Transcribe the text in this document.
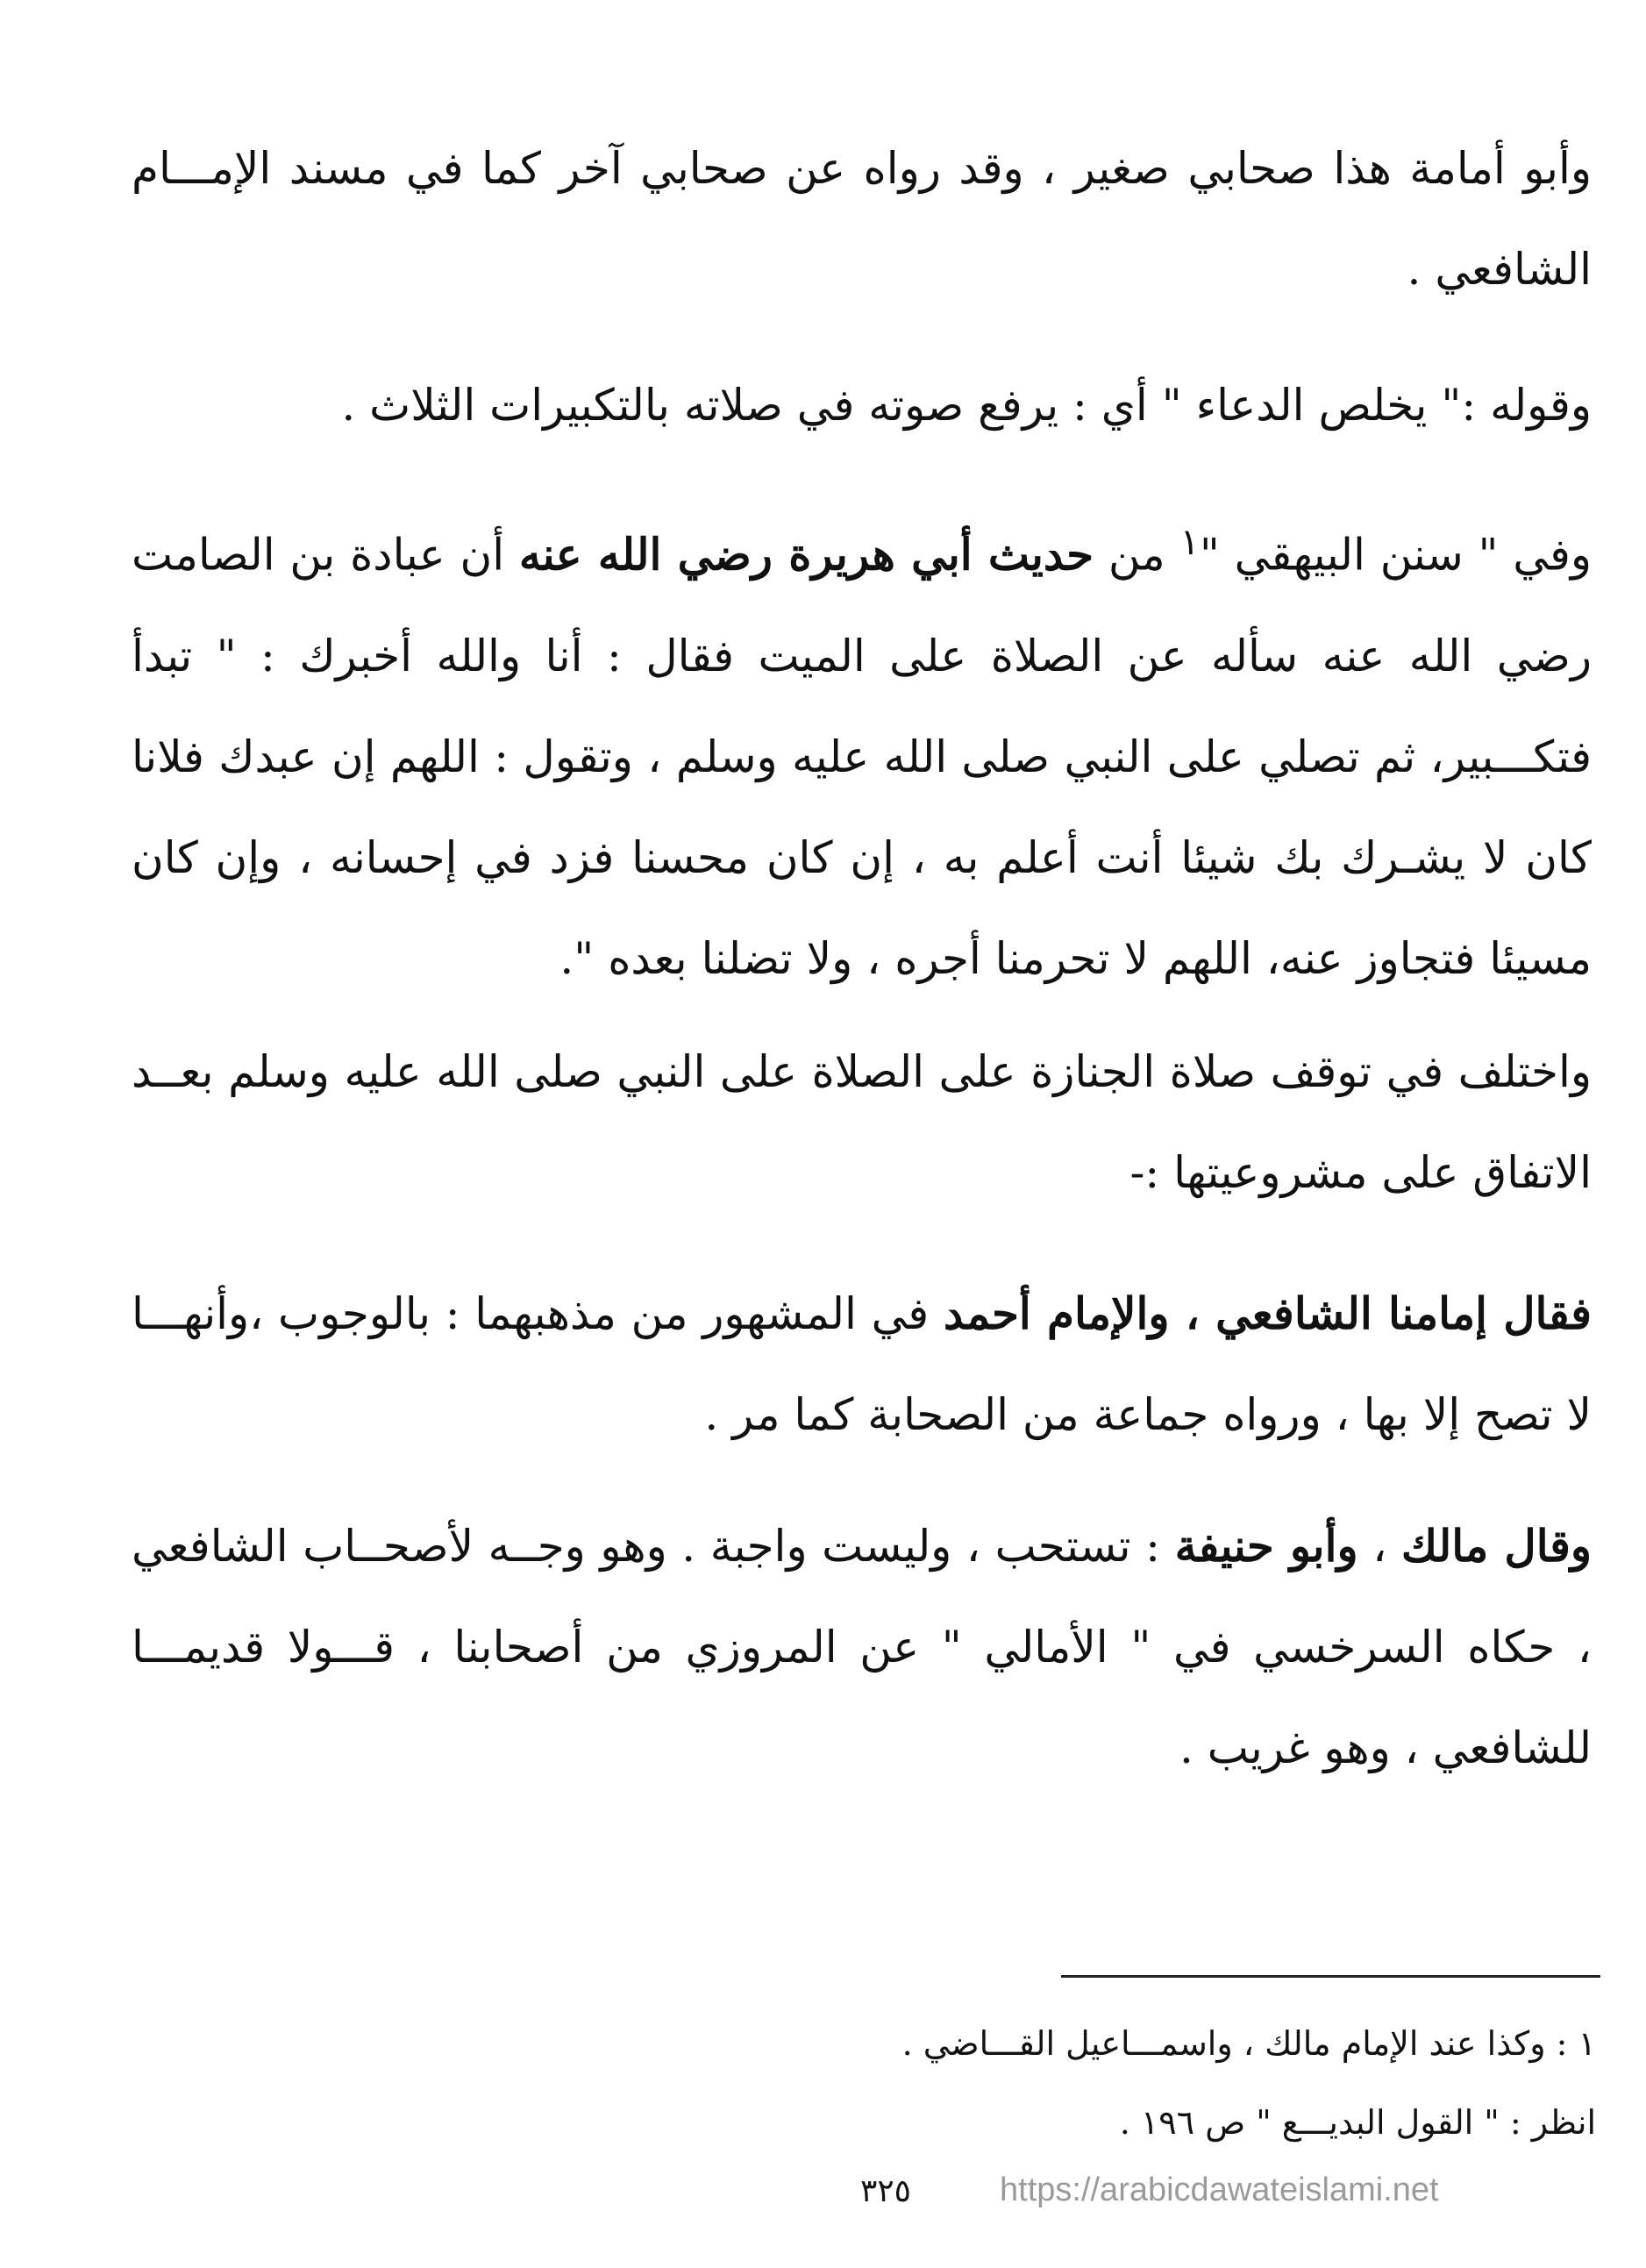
وأبو أمامة هذا صحابي صغير ، وقد رواه عن صحابي آخر كما في مسند الإمـــام الشافعي .
وقوله :" يخلص الدعاء " أي : يرفع صوته في صلاته بالتكبيرات الثلاث .
وفي " سنن البيهقي "$^١$ من حديث أبي هريرة رضي الله عنه أن عبادة بن الصامت رضي الله عنه سأله عن الصلاة على الميت فقال : أنا والله أخبرك : " تبدأ فتكـــبير، ثم تصلي على النبي صلى الله عليه وسلم ، وتقول : اللهم إن عبدك فلانا كان لا يشـرك بك شيئا أنت أعلم به ، إن كان محسنا فزد في إحسانه ، وإن كان مسيئا فتجاوز عنه، اللهم لا تحرمنا أجره ، ولا تضلنا بعده ".
واختلف في توقف صلاة الجنازة على الصلاة على النبي صلى الله عليه وسلم بعــد الاتفاق على مشروعيتها :-
فقال إمامنا الشافعي ، والإمام أحمد في المشهور من مذهبهما : بالوجوب ،وأنهـــا لا تصح إلا بها ، ورواه جماعة من الصحابة كما مر .
وقال مالك ، وأبو حنيفة : تستحب ، وليست واجبة . وهو وجــه لأصحــاب الشافعي ، حكاه السرخسي في " الأمالي " عن المروزي من أصحابنا ، قـــولا قديمـــا للشافعي ، وهو غريب .
١ : وكذا عند الإمام مالك ، واسمـــاعيل القـــاضي .
انظر : " القول البديـــع " ص ١٩٦ .
٣٢٥	https://arabicdawateislami.net
